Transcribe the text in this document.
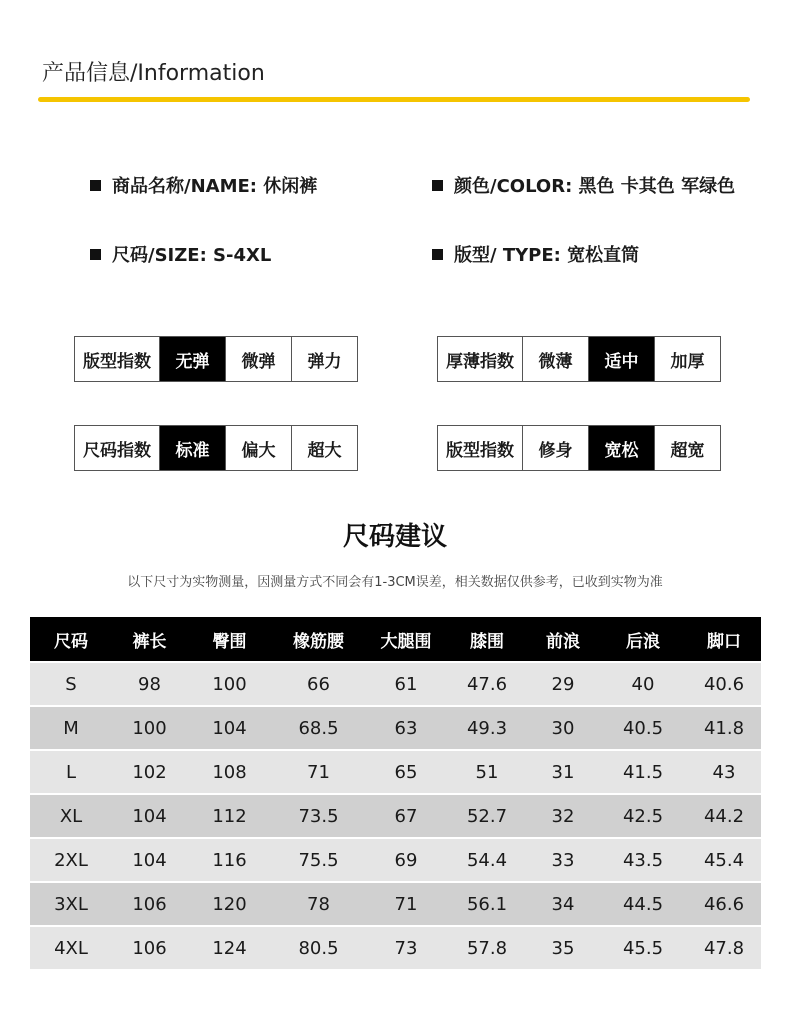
产品信息/Information
商品名称/NAME: 休闲裤	颜色/COLOR: 黑色 卡其色 军绿色
尺码/SIZE: S-4XL	版型/ TYPE: 宽松直筒
版型指数	无弹	微弹	弹力	厚薄指数	微薄	适中	加厚
尺码指数	标准	偏大	超大	版型指数	修身	宽松	超宽
尺码建议
以下尺寸为实物测量，因测量方式不同会有1-3CM误差，相关数据仅供参考，已收到实物为准
尺码	裤长	臀围	橡筋腰	大腿围	膝围	前浪	后浪	脚口
S	98	100	66	61	47.6	29	40	40.6
M	100	104	68.5	63	49.3	30	40.5	41.8
L	102	108	71	65	51	31	41.5	43
XL	104	112	73.5	67	52.7	32	42.5	44.2
2XL	104	116	75.5	69	54.4	33	43.5	45.4
3XL	106	120	78	71	56.1	34	44.5	46.6
4XL	106	124	80.5	73	57.8	35	45.5	47.8
